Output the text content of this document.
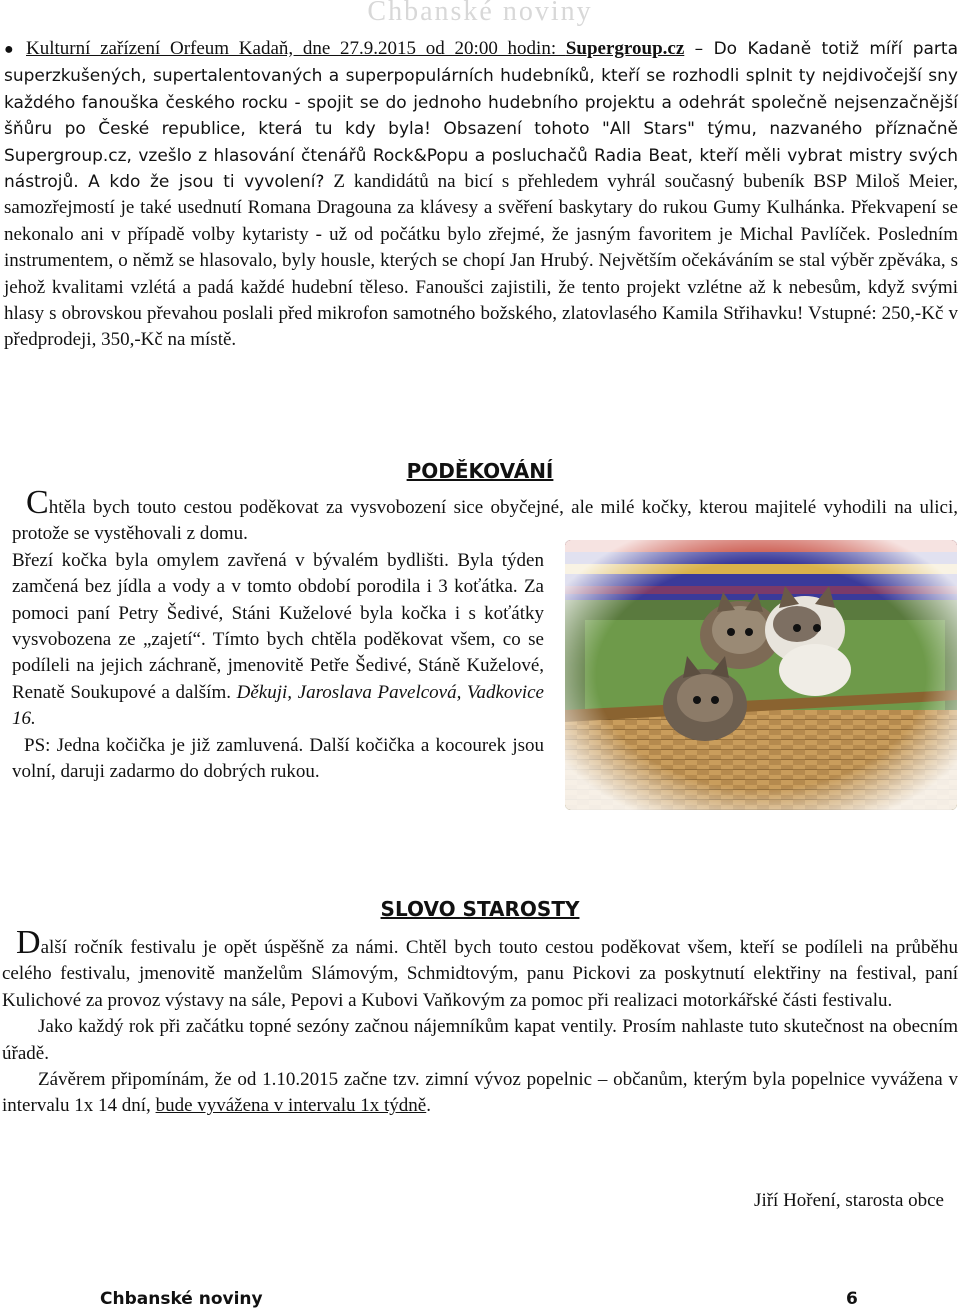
Chbanské noviny
● Kulturní zařízení Orfeum Kadaň, dne 27.9.2015 od 20:00 hodin: Supergroup.cz – Do Kadaně totiž míří parta superzkušených, supertalentovaných a superpopulárních hudebníků, kteří se rozhodli splnit ty nejdivočejší sny každého fanouška českého rocku - spojit se do jednoho hudebního projektu a odehrát společně nejsenzačnější šňůru po České republice, která tu kdy byla! Obsazení tohoto "All Stars" týmu, nazvaného příznačně Supergroup.cz, vzešlo z hlasování čtenářů Rock&Popu a posluchačů Radia Beat, kteří měli vybrat mistry svých nástrojů. A kdo že jsou ti vyvolení? Z kandidátů na bicí s přehledem vyhrál současný bubeník BSP Miloš Meier, samozřejmostí je také usednutí Romana Dragouna za klávesy a svěření baskytary do rukou Gumy Kulhánka. Překvapení se nekonalo ani v případě volby kytaristy - už od počátku bylo zřejmé, že jasným favoritem je Michal Pavlíček. Posledním instrumentem, o němž se hlasovalo, byly housle, kterých se chopí Jan Hrubý. Největším očekáváním se stal výběr zpěváka, s jehož kvalitami vzlétá a padá každé hudební těleso. Fanoušci zajistili, že tento projekt vzlétne až k nebesům, když svými hlasy s obrovskou převahou poslali před mikrofon samotného božského, zlatovlasého Kamila Střihavku! Vstupné: 250,-Kč v předprodeji, 350,-Kč na místě.
PODĚKOVÁNÍ

Chtěla bych touto cestou poděkovat za vysvobození sice obyčejné, ale milé kočky, kterou majitelé vyhodili na ulici, protože se vystěhovali z domu.

Březí kočka byla omylem zavřená v bývalém bydlišti. Byla týden zamčená bez jídla a vody a v tomto období porodila i 3 koťátka. Za pomoci paní Petry Šedivé, Stáni Kuželové byla kočka i s koťátky vysvobozena ze „zajetí“. Tímto bych chtěla poděkovat všem, co se podíleli na jejich záchraně, jmenovitě Petře Šedivé, Stáně Kuželové, Renatě Soukupové a dalším. Děkuji, Jaroslava Pavelcová, Vadkovice 16.

PS: Jedna kočička je již zamluvená. Další kočička a kocourek jsou volní, daruji zadarmo do dobrých rukou.

SLOVO STAROSTY

Další ročník festivalu je opět úspěšně za námi. Chtěl bych touto cestou poděkovat všem, kteří se podíleli na průběhu celého festivalu, jmenovitě manželům Slámovým, Schmidtovým, panu Pickovi za poskytnutí elektřiny na festival, paní Kulichové za provoz výstavy na sále, Pepovi a Kubovi Vaňkovým za pomoc při realizaci motorkářské části festivalu.

Jako každý rok při začátku topné sezóny začnou nájemníkům kapat ventily. Prosím nahlaste tuto skutečnost na obecním úřadě.

Závěrem připomínám, že od 1.10.2015 začne tzv. zimní vývoz popelnic – občanům, kterým byla popelnice vyvážena v intervalu 1x 14 dní, bude vyvážena v intervalu 1x týdně.

Jiří Hoření, starosta obce
Chbanské noviny	6
